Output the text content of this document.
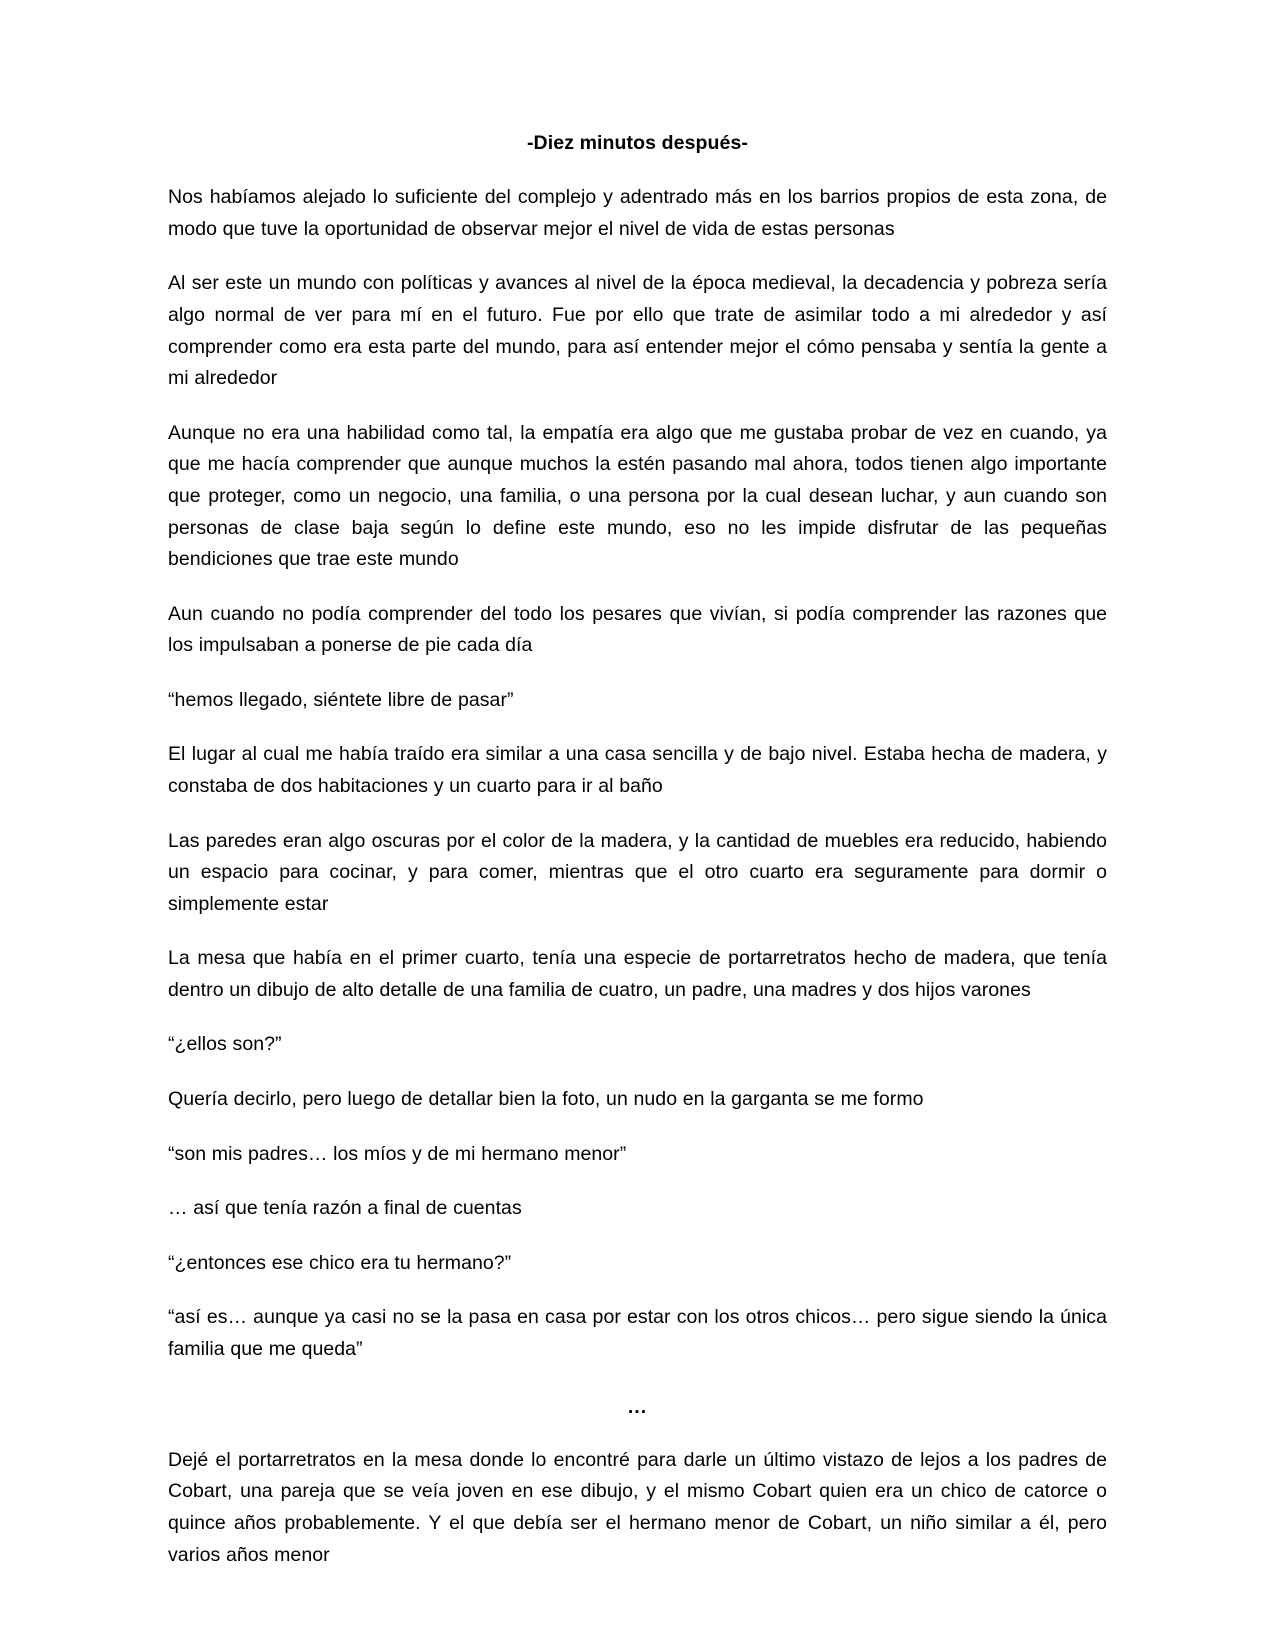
-Diez minutos después-

Nos habíamos alejado lo suficiente del complejo y adentrado más en los barrios propios de esta zona, de modo que tuve la oportunidad de observar mejor el nivel de vida de estas personas

Al ser este un mundo con políticas y avances al nivel de la época medieval, la decadencia y pobreza sería algo normal de ver para mí en el futuro. Fue por ello que trate de asimilar todo a mi alrededor y así comprender como era esta parte del mundo, para así entender mejor el cómo pensaba y sentía la gente a mi alrededor

Aunque no era una habilidad como tal, la empatía era algo que me gustaba probar de vez en cuando, ya que me hacía comprender que aunque muchos la estén pasando mal ahora, todos tienen algo importante que proteger, como un negocio, una familia, o una persona por la cual desean luchar, y aun cuando son personas de clase baja según lo define este mundo, eso no les impide disfrutar de las pequeñas bendiciones que trae este mundo

Aun cuando no podía comprender del todo los pesares que vivían, si podía comprender las razones que los impulsaban a ponerse de pie cada día

“hemos llegado, siéntete libre de pasar”

El lugar al cual me había traído era similar a una casa sencilla y de bajo nivel. Estaba hecha de madera, y constaba de dos habitaciones y un cuarto para ir al baño

Las paredes eran algo oscuras por el color de la madera, y la cantidad de muebles era reducido, habiendo un espacio para cocinar, y para comer, mientras que el otro cuarto era seguramente para dormir o simplemente estar

La mesa que había en el primer cuarto, tenía una especie de portarretratos hecho de madera, que tenía dentro un dibujo de alto detalle de una familia de cuatro, un padre, una madres y dos hijos varones

“¿ellos son?”

Quería decirlo, pero luego de detallar bien la foto, un nudo en la garganta se me formo

“son mis padres… los míos y de mi hermano menor”

… así que tenía razón a final de cuentas

“¿entonces ese chico era tu hermano?”

“así es… aunque ya casi no se la pasa en casa por estar con los otros chicos… pero sigue siendo la única familia que me queda”

...

Dejé el portarretratos en la mesa donde lo encontré para darle un último vistazo de lejos a los padres de Cobart, una pareja que se veía joven en ese dibujo, y el mismo Cobart quien era un chico de catorce o quince años probablemente. Y el que debía ser el hermano menor de Cobart, un niño similar a él, pero varios años menor
